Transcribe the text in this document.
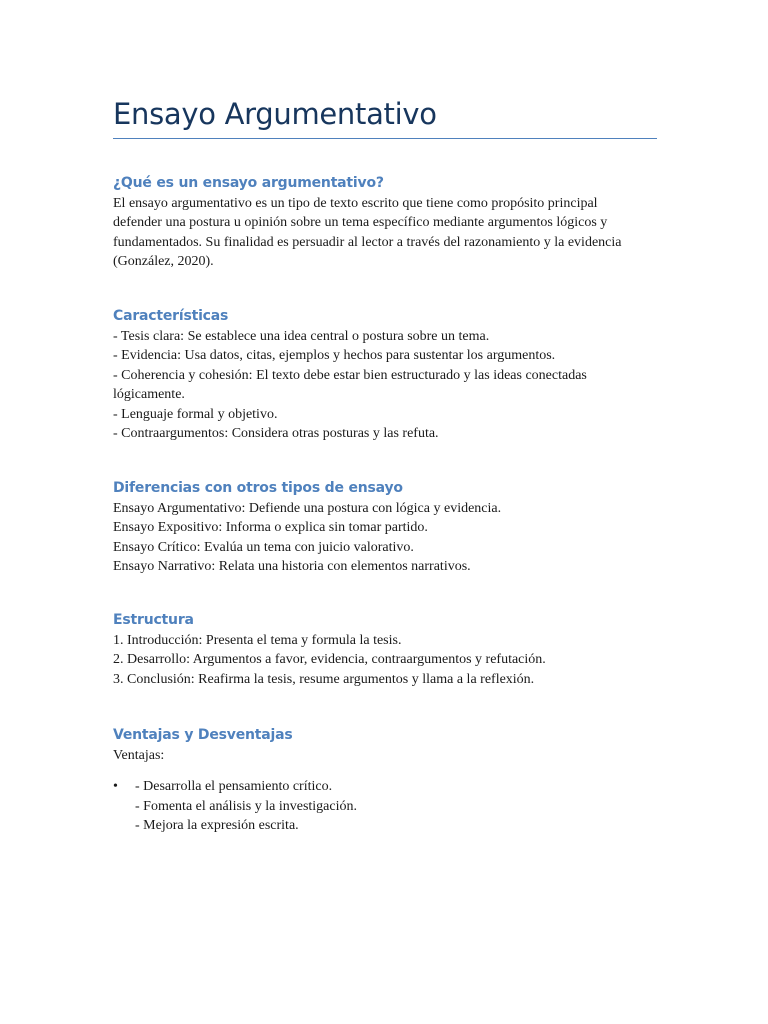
Ensayo Argumentativo
¿Qué es un ensayo argumentativo?
El ensayo argumentativo es un tipo de texto escrito que tiene como propósito principal
defender una postura u opinión sobre un tema específico mediante argumentos lógicos y
fundamentados. Su finalidad es persuadir al lector a través del razonamiento y la evidencia
(González, 2020).
Características
- Tesis clara: Se establece una idea central o postura sobre un tema.
- Evidencia: Usa datos, citas, ejemplos y hechos para sustentar los argumentos.
- Coherencia y cohesión: El texto debe estar bien estructurado y las ideas conectadas
lógicamente.
- Lenguaje formal y objetivo.
- Contraargumentos: Considera otras posturas y las refuta.
Diferencias con otros tipos de ensayo
Ensayo Argumentativo: Defiende una postura con lógica y evidencia.
Ensayo Expositivo: Informa o explica sin tomar partido.
Ensayo Crítico: Evalúa un tema con juicio valorativo.
Ensayo Narrativo: Relata una historia con elementos narrativos.
Estructura
1. Introducción: Presenta el tema y formula la tesis.
2. Desarrollo: Argumentos a favor, evidencia, contraargumentos y refutación.
3. Conclusión: Reafirma la tesis, resume argumentos y llama a la reflexión.
Ventajas y Desventajas
Ventajas:
• - Desarrolla el pensamiento crítico.
- Fomenta el análisis y la investigación.
- Mejora la expresión escrita.
